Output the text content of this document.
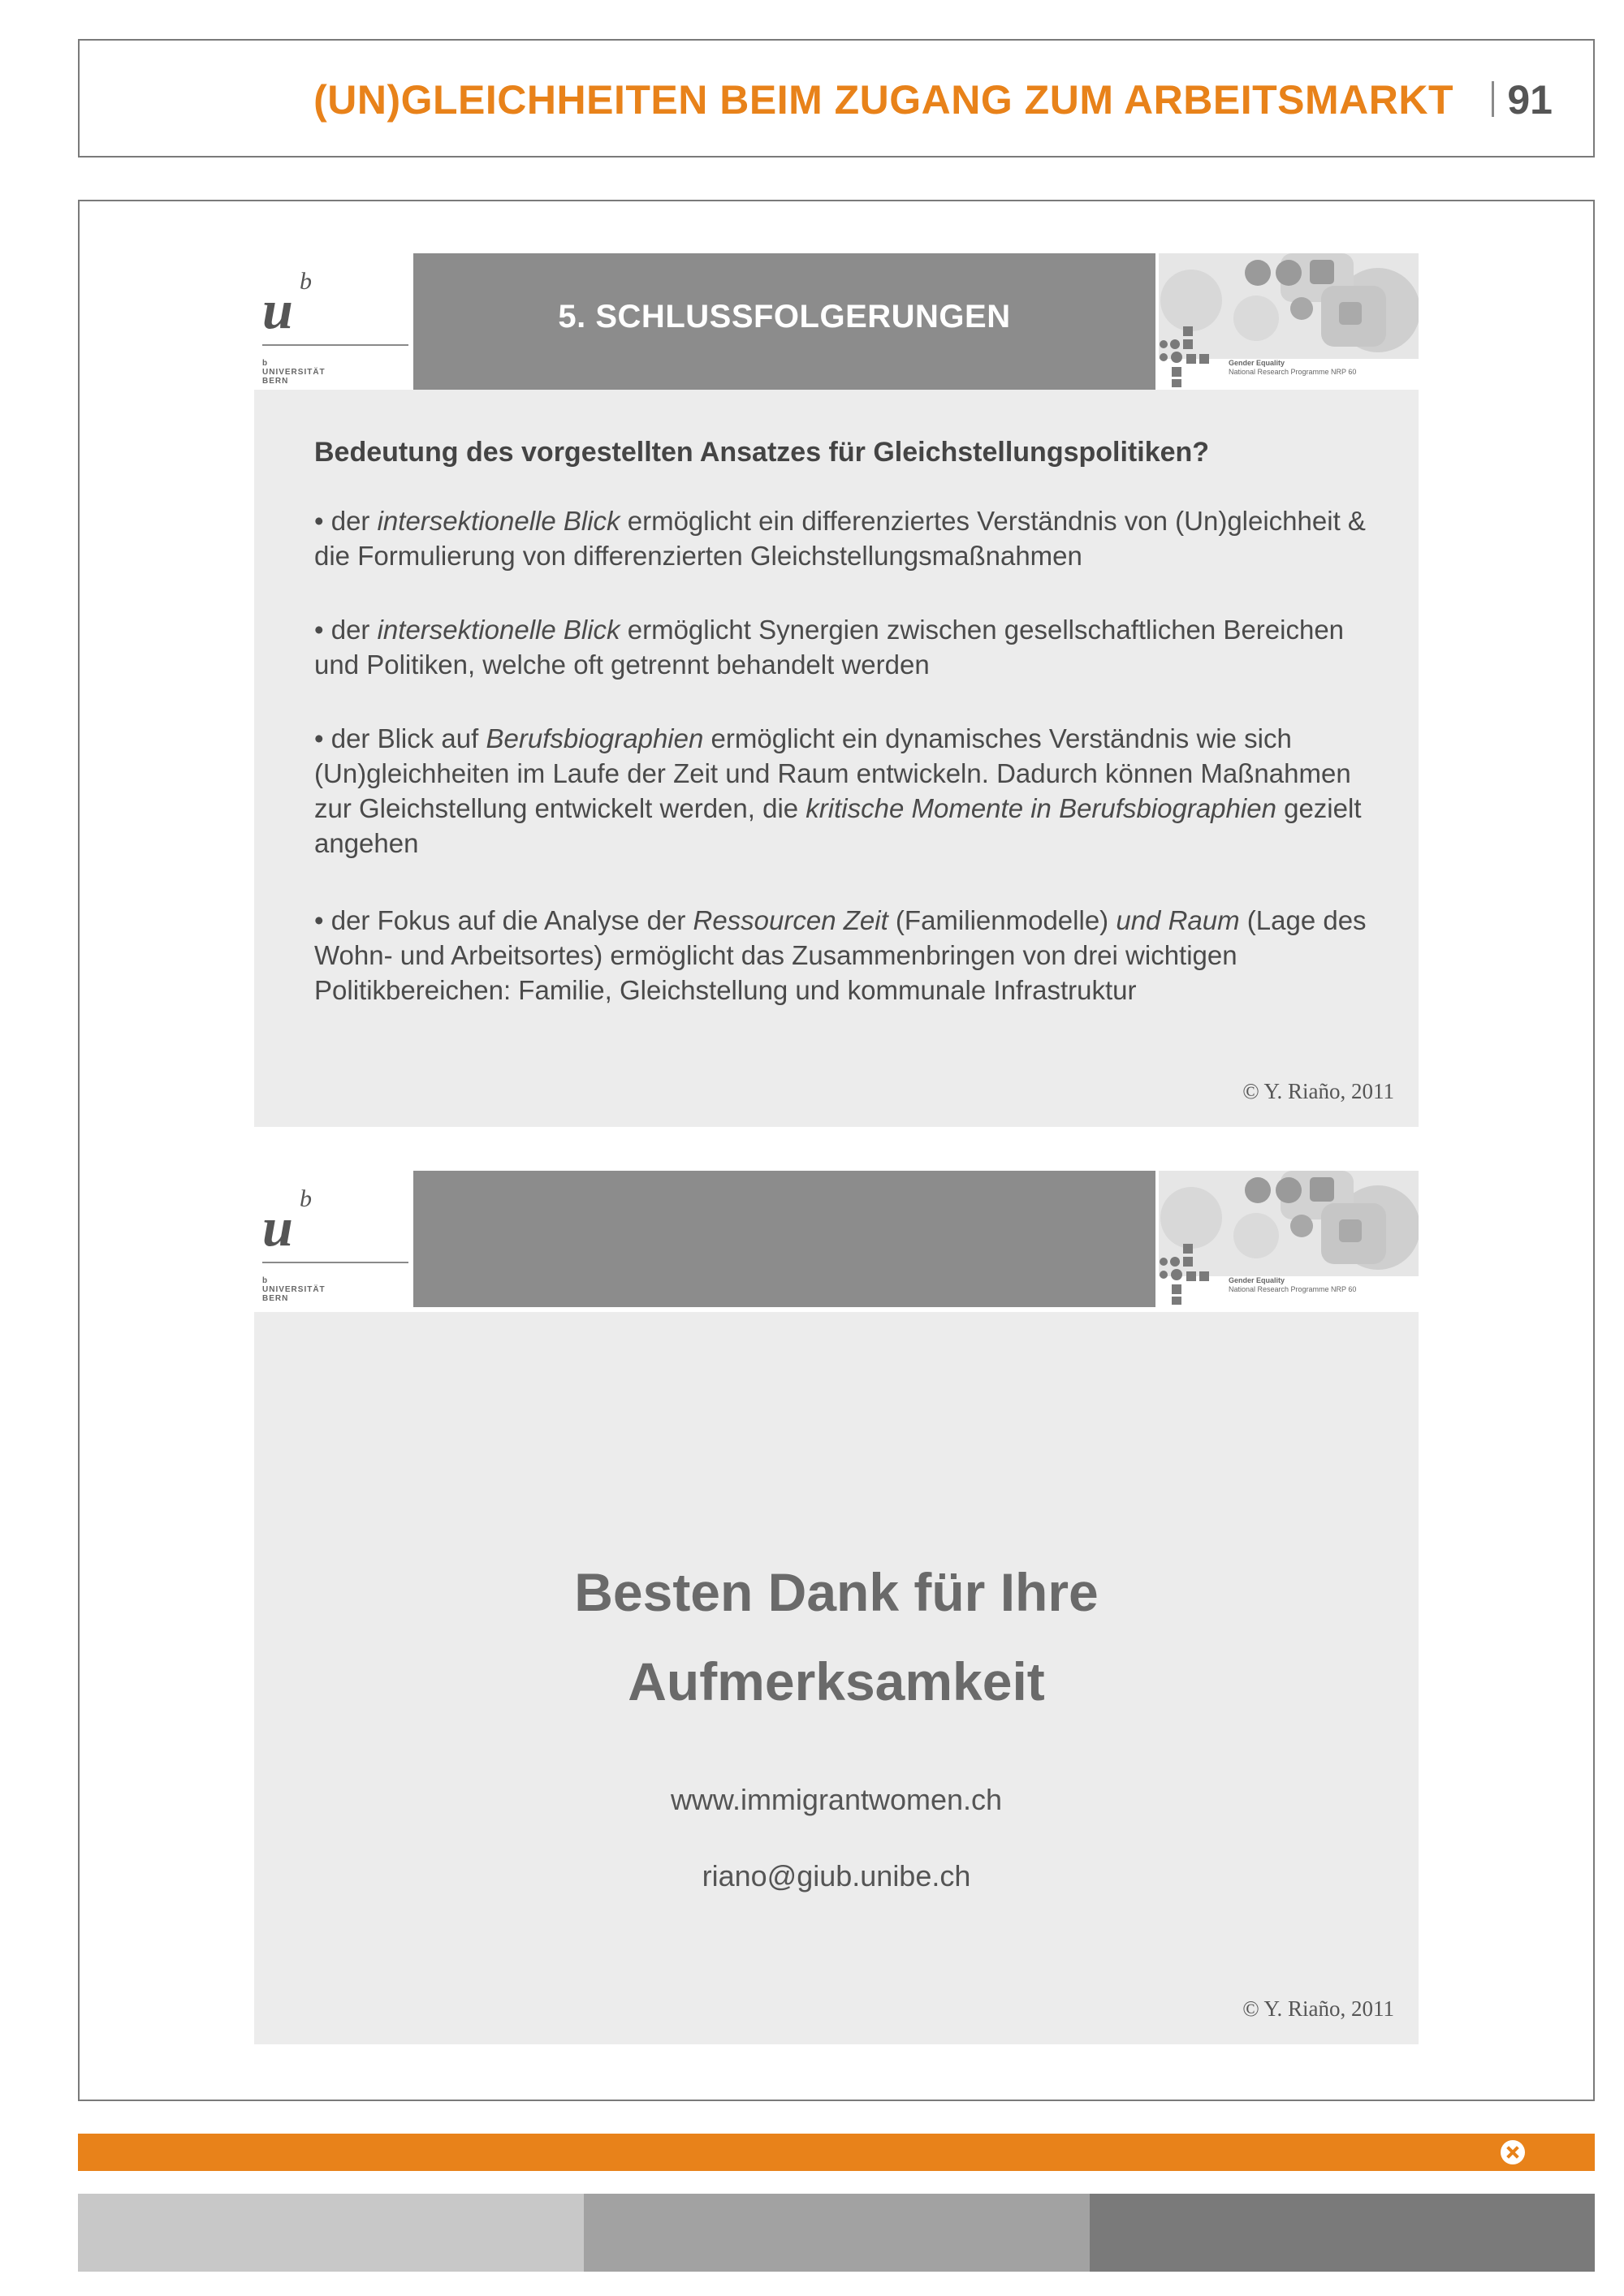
(UN)GLEICHHEITEN BEIM ZUGANG ZUM ARBEITSMARKT 91
u b
b
UNIVERSITÄT
BERN
5. SCHLUSSFOLGERUNGEN
Gender Equality
National Research Programme NRP 60
Bedeutung des vorgestellten Ansatzes für Gleichstellungspolitiken?
• der intersektionelle Blick ermöglicht ein differenziertes Verständnis von (Un)gleichheit & die Formulierung von differenzierten Gleichstellungsmaßnahmen
• der intersektionelle Blick ermöglicht Synergien zwischen gesellschaftlichen Bereichen und Politiken, welche oft getrennt behandelt werden
• der Blick auf Berufsbiographien ermöglicht ein dynamisches Verständnis wie sich (Un)gleichheiten im Laufe der Zeit und Raum entwickeln. Dadurch können Maßnahmen zur Gleichstellung entwickelt werden, die kritische Momente in Berufsbiographien gezielt angehen
• der Fokus auf die Analyse der Ressourcen Zeit (Familienmodelle) und Raum (Lage des Wohn- und Arbeitsortes) ermöglicht das Zusammenbringen von drei wichtigen Politikbereichen: Familie, Gleichstellung und kommunale Infrastruktur
© Y. Riaño, 2011
u b
b
UNIVERSITÄT
BERN
Gender Equality
National Research Programme NRP 60
Besten Dank für Ihre
Aufmerksamkeit
www.immigrantwomen.ch
riano@giub.unibe.ch
© Y. Riaño, 2011
